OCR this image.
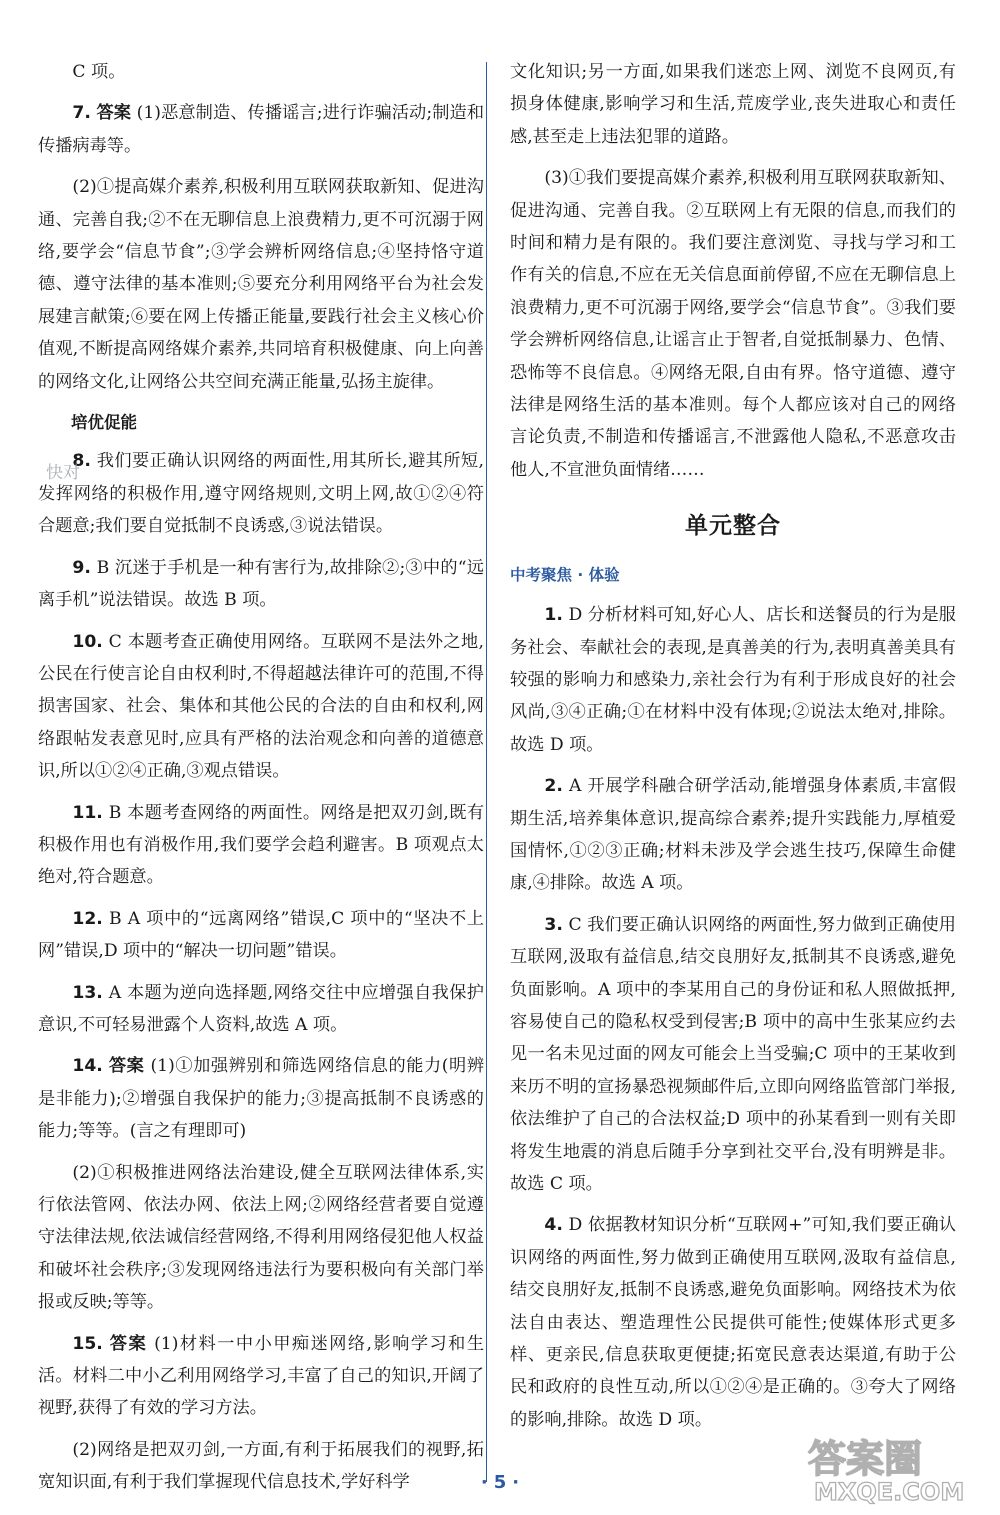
C 项。

7. 答案 (1)恶意制造、传播谣言;进行诈骗活动;制造和传播病毒等。

(2)①提高媒介素养,积极利用互联网获取新知、促进沟通、完善自我;②不在无聊信息上浪费精力,更不可沉溺于网络,要学会“信息节食”;③学会辨析网络信息;④坚持恪守道德、遵守法律的基本准则;⑤要充分利用网络平台为社会发展建言献策;⑥要在网上传播正能量,要践行社会主义核心价值观,不断提高网络媒介素养,共同培育积极健康、向上向善的网络文化,让网络公共空间充满正能量,弘扬主旋律。

培优促能

8. 我们要正确认识网络的两面性,用其所长,避其所短,发挥网络的积极作用,遵守网络规则,文明上网,故①②④符合题意;我们要自觉抵制不良诱惑,③说法错误。

9. B 沉迷于手机是一种有害行为,故排除②;③中的“远离手机”说法错误。故选 B 项。

10. C 本题考查正确使用网络。互联网不是法外之地,公民在行使言论自由权利时,不得超越法律许可的范围,不得损害国家、社会、集体和其他公民的合法的自由和权利,网络跟帖发表意见时,应具有严格的法治观念和向善的道德意识,所以①②④正确,③观点错误。

11. B 本题考查网络的两面性。网络是把双刃剑,既有积极作用也有消极作用,我们要学会趋利避害。B 项观点太绝对,符合题意。

12. B A 项中的“远离网络”错误,C 项中的“坚决不上网”错误,D 项中的“解决一切问题”错误。

13. A 本题为逆向选择题,网络交往中应增强自我保护意识,不可轻易泄露个人资料,故选 A 项。

14. 答案 (1)①加强辨别和筛选网络信息的能力(明辨是非能力);②增强自我保护的能力;③提高抵制不良诱惑的能力;等等。(言之有理即可)

(2)①积极推进网络法治建设,健全互联网法律体系,实行依法管网、依法办网、依法上网;②网络经营者要自觉遵守法律法规,依法诚信经营网络,不得利用网络侵犯他人权益和破坏社会秩序;③发现网络违法行为要积极向有关部门举报或反映;等等。

15. 答案 (1)材料一中小甲痴迷网络,影响学习和生活。材料二中小乙利用网络学习,丰富了自己的知识,开阔了视野,获得了有效的学习方法。

(2)网络是把双刃剑,一方面,有利于拓展我们的视野,拓宽知识面,有利于我们掌握现代信息技术,学好科学

快对

文化知识;另一方面,如果我们迷恋上网、浏览不良网页,有损身体健康,影响学习和生活,荒废学业,丧失进取心和责任感,甚至走上违法犯罪的道路。

(3)①我们要提高媒介素养,积极利用互联网获取新知、促进沟通、完善自我。②互联网上有无限的信息,而我们的时间和精力是有限的。我们要注意浏览、寻找与学习和工作有关的信息,不应在无关信息面前停留,不应在无聊信息上浪费精力,更不可沉溺于网络,要学会“信息节食”。③我们要学会辨析网络信息,让谣言止于智者,自觉抵制暴力、色情、恐怖等不良信息。④网络无限,自由有界。恪守道德、遵守法律是网络生活的基本准则。每个人都应该对自己的网络言论负责,不制造和传播谣言,不泄露他人隐私,不恶意攻击他人,不宣泄负面情绪……

单元整合
中考聚焦 · 体验

1. D 分析材料可知,好心人、店长和送餐员的行为是服务社会、奉献社会的表现,是真善美的行为,表明真善美具有较强的影响力和感染力,亲社会行为有利于形成良好的社会风尚,③④正确;①在材料中没有体现;②说法太绝对,排除。故选 D 项。

2. A 开展学科融合研学活动,能增强身体素质,丰富假期生活,培养集体意识,提高综合素养;提升实践能力,厚植爱国情怀,①②③正确;材料未涉及学会逃生技巧,保障生命健康,④排除。故选 A 项。

3. C 我们要正确认识网络的两面性,努力做到正确使用互联网,汲取有益信息,结交良朋好友,抵制其不良诱惑,避免负面影响。A 项中的李某用自己的身份证和私人照做抵押,容易使自己的隐私权受到侵害;B 项中的高中生张某应约去见一名未见过面的网友可能会上当受骗;C 项中的王某收到来历不明的宣扬暴恐视频邮件后,立即向网络监管部门举报,依法维护了自己的合法权益;D 项中的孙某看到一则有关即将发生地震的消息后随手分享到社交平台,没有明辨是非。故选 C 项。

4. D 依据教材知识分析“互联网+”可知,我们要正确认识网络的两面性,努力做到正确使用互联网,汲取有益信息,结交良朋好友,抵制不良诱惑,避免负面影响。网络技术为依法自由表达、塑造理性公民提供可能性;使媒体形式更多样、更亲民,信息获取更便捷;拓宽民意表达渠道,有助于公民和政府的良性互动,所以①②④是正确的。③夸大了网络的影响,排除。故选 D 项。

· 5 ·
答案圈
MXQE.COM
